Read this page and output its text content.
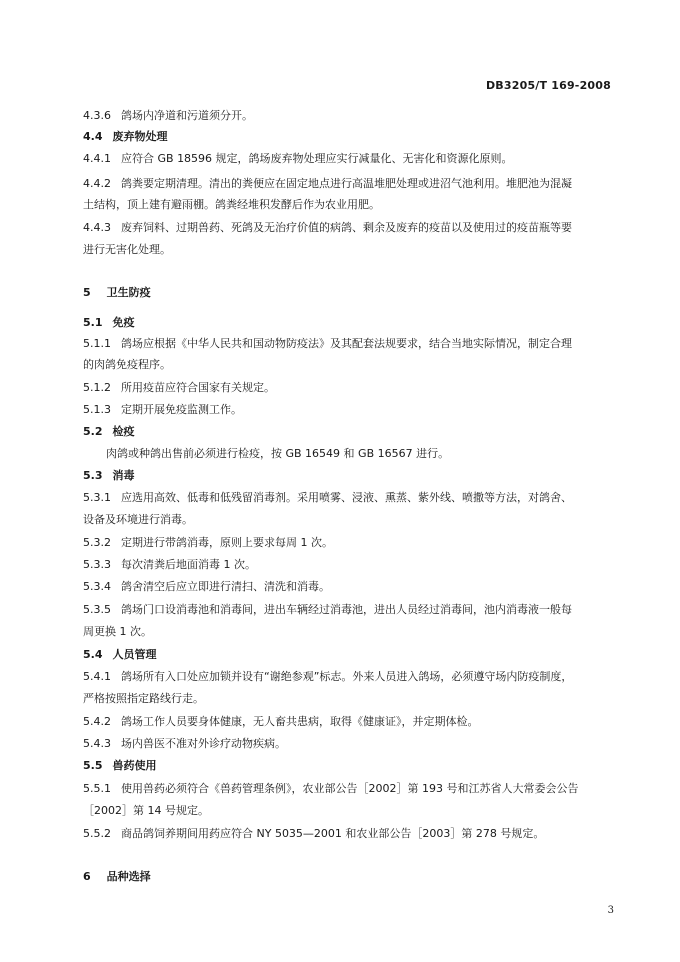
DB3205/T 169-2008
4.3.6 鸽场内净道和污道须分开。
4.4 废弃物处理
4.4.1 应符合 GB 18596 规定，鸽场废弃物处理应实行减量化、无害化和资源化原则。
4.4.2 鸽粪要定期清理。清出的粪便应在固定地点进行高温堆肥处理或进沼气池利用。堆肥池为混凝
土结构，顶上建有避雨棚。鸽粪经堆积发酵后作为农业用肥。
4.4.3 废弃饲料、过期兽药、死鸽及无治疗价值的病鸽、剩余及废弃的疫苗以及使用过的疫苗瓶等要
进行无害化处理。
5 卫生防疫
5.1 免疫
5.1.1 鸽场应根据《中华人民共和国动物防疫法》及其配套法规要求，结合当地实际情况，制定合理
的肉鸽免疫程序。
5.1.2 所用疫苗应符合国家有关规定。
5.1.3 定期开展免疫监测工作。
5.2 检疫
肉鸽或种鸽出售前必须进行检疫，按 GB 16549 和 GB 16567 进行。
5.3 消毒
5.3.1 应选用高效、低毒和低残留消毒剂。采用喷雾、浸液、熏蒸、紫外线、喷撒等方法，对鸽舍、
设备及环境进行消毒。
5.3.2 定期进行带鸽消毒，原则上要求每周 1 次。
5.3.3 每次清粪后地面消毒 1 次。
5.3.4 鸽舍清空后应立即进行清扫、清洗和消毒。
5.3.5 鸽场门口设消毒池和消毒间，进出车辆经过消毒池，进出人员经过消毒间，池内消毒液一般每
周更换 1 次。
5.4 人员管理
5.4.1 鸽场所有入口处应加锁并设有“谢绝参观”标志。外来人员进入鸽场，必须遵守场内防疫制度，
严格按照指定路线行走。
5.4.2 鸽场工作人员要身体健康，无人畜共患病，取得《健康证》，并定期体检。
5.4.3 场内兽医不准对外诊疗动物疾病。
5.5 兽药使用
5.5.1 使用兽药必须符合《兽药管理条例》，农业部公告［2002］第 193 号和江苏省人大常委会公告
［2002］第 14 号规定。
5.5.2 商品鸽饲养期间用药应符合 NY 5035—2001 和农业部公告［2003］第 278 号规定。
6 品种选择
3
